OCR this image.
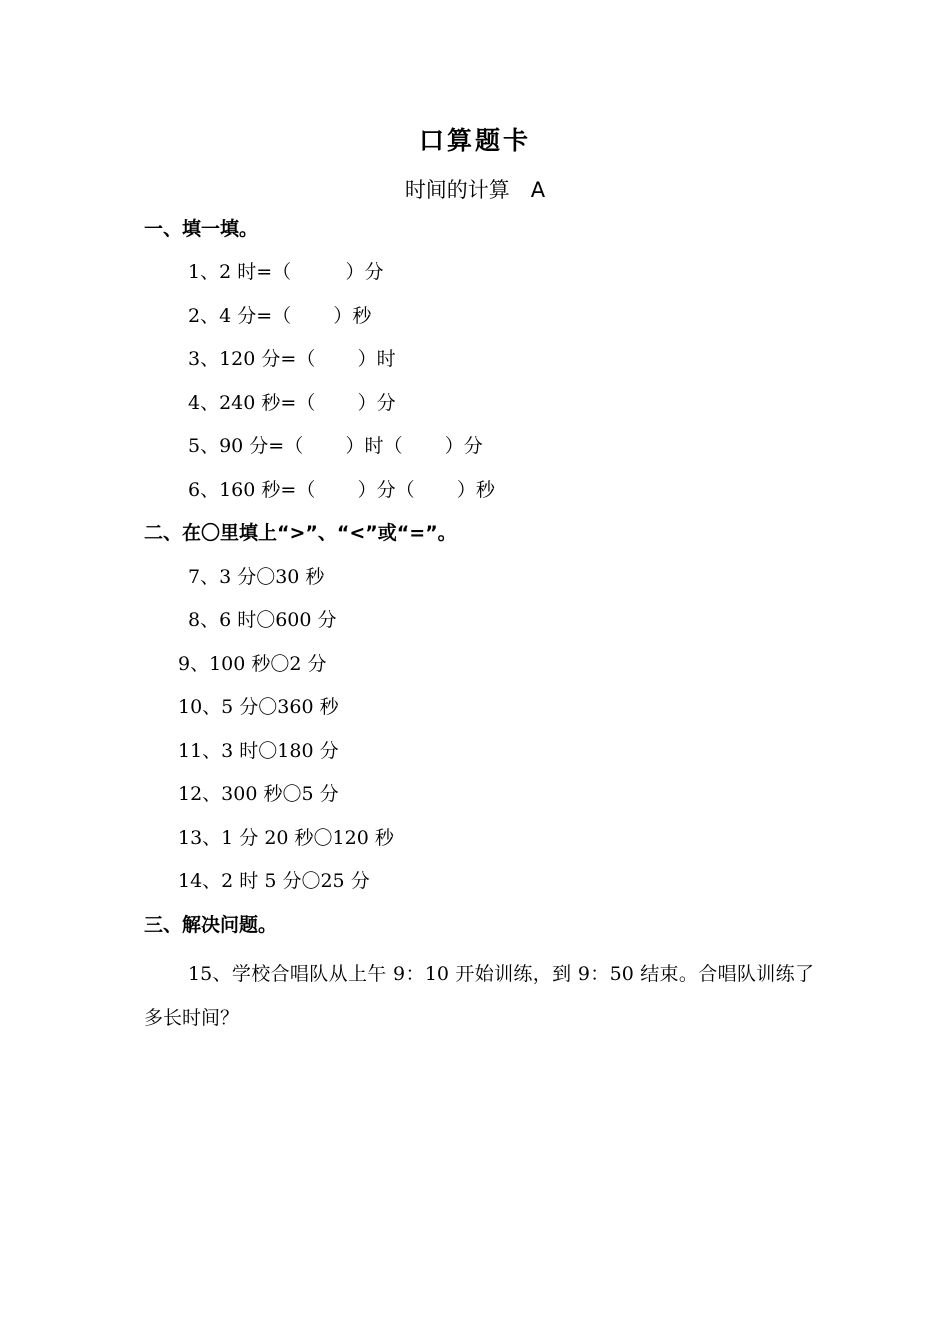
口算题卡
时间的计算　A
一、填一填。
1、2 时=（         ）分
2、4 分=（       ）秒
3、120 分=（       ）时
4、240 秒=（       ）分
5、90 分=（       ）时（       ）分
6、160 秒=（       ）分（       ）秒
二、在〇里填上“>”、“<”或“=”。
7、3 分〇30 秒
8、6 时〇600 分
9、100 秒〇2 分
10、5 分〇360 秒
11、3 时〇180 分
12、300 秒〇5 分
13、1 分 20 秒〇120 秒
14、2 时 5 分〇25 分
三、解决问题。
15、学校合唱队从上午 9：10 开始训练，到 9：50 结束。合唱队训练了多长时间？
